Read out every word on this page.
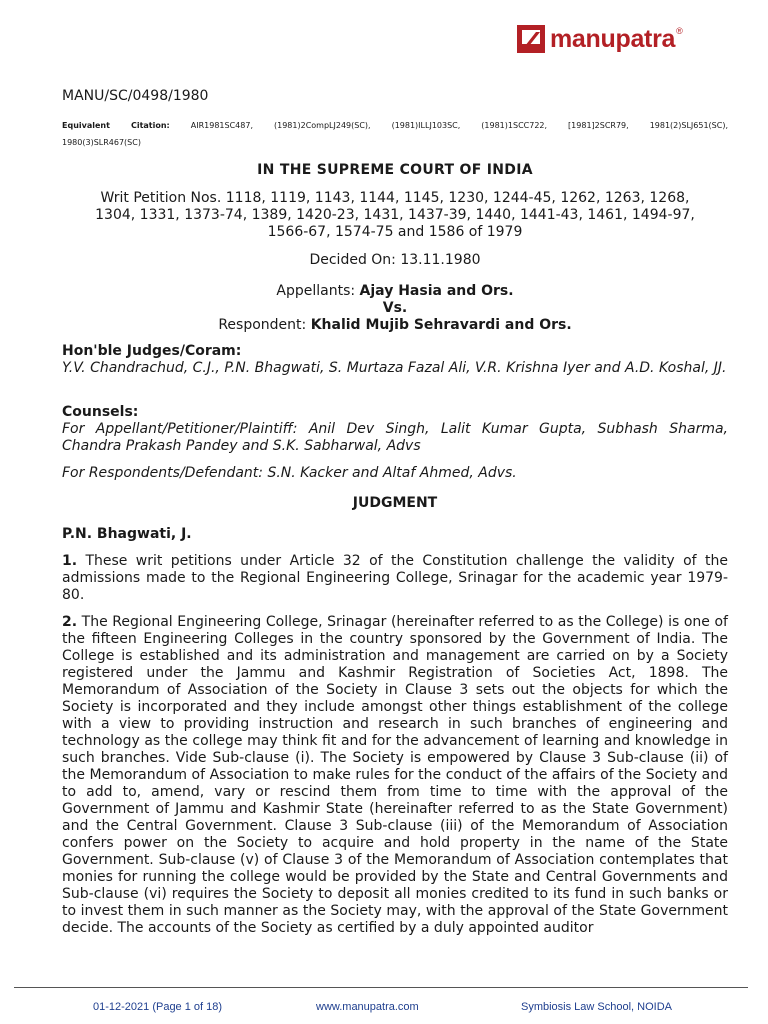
manupatra ®
MANU/SC/0498/1980
Equivalent	Citation:	AIR1981SC487, (1981)2CompLJ249(SC), (1981)ILLJ103SC, (1981)1SCC722, [1981]2SCR79, 1981(2)SLJ651(SC),
1980(3)SLR467(SC)
IN THE SUPREME COURT OF INDIA
Writ Petition Nos. 1118, 1119, 1143, 1144, 1145, 1230, 1244-45, 1262, 1263, 1268,
1304, 1331, 1373-74, 1389, 1420-23, 1431, 1437-39, 1440, 1441-43, 1461, 1494-97,
1566-67, 1574-75 and 1586 of 1979
Decided On: 13.11.1980
Appellants: Ajay Hasia and Ors.
Vs.
Respondent: Khalid Mujib Sehravardi and Ors.
Hon'ble Judges/Coram:
Y.V. Chandrachud, C.J., P.N. Bhagwati, S. Murtaza Fazal Ali, V.R. Krishna Iyer and A.D. Koshal, JJ.
Counsels:
For Appellant/Petitioner/Plaintiff: Anil Dev Singh, Lalit Kumar Gupta, Subhash Sharma, Chandra Prakash Pandey and S.K. Sabharwal, Advs
For Respondents/Defendant: S.N. Kacker and Altaf Ahmed, Advs.
JUDGMENT
P.N. Bhagwati, J.
1. These writ petitions under Article 32 of the Constitution challenge the validity of the admissions made to the Regional Engineering College, Srinagar for the academic year 1979-80.
2. The Regional Engineering College, Srinagar (hereinafter referred to as the College) is one of the fifteen Engineering Colleges in the country sponsored by the Government of India. The College is established and its administration and management are carried on by a Society registered under the Jammu and Kashmir Registration of Societies Act, 1898. The Memorandum of Association of the Society in Clause 3 sets out the objects for which the Society is incorporated and they include amongst other things establishment of the college with a view to providing instruction and research in such branches of engineering and technology as the college may think fit and for the advancement of learning and knowledge in such branches. Vide Sub-clause (i). The Society is empowered by Clause 3 Sub-clause (ii) of the Memorandum of Association to make rules for the conduct of the affairs of the Society and to add to, amend, vary or rescind them from time to time with the approval of the Government of Jammu and Kashmir State (hereinafter referred to as the State Government) and the Central Government. Clause 3 Sub-clause (iii) of the Memorandum of Association confers power on the Society to acquire and hold property in the name of the State Government. Sub-clause (v) of Clause 3 of the Memorandum of Association contemplates that monies for running the college would be provided by the State and Central Governments and Sub-clause (vi) requires the Society to deposit all monies credited to its fund in such banks or to invest them in such manner as the Society may, with the approval of the State Government decide. The accounts of the Society as certified by a duly appointed auditor
01-12-2021 (Page 1 of 18)	www.manupatra.com	Symbiosis Law School, NOIDA
